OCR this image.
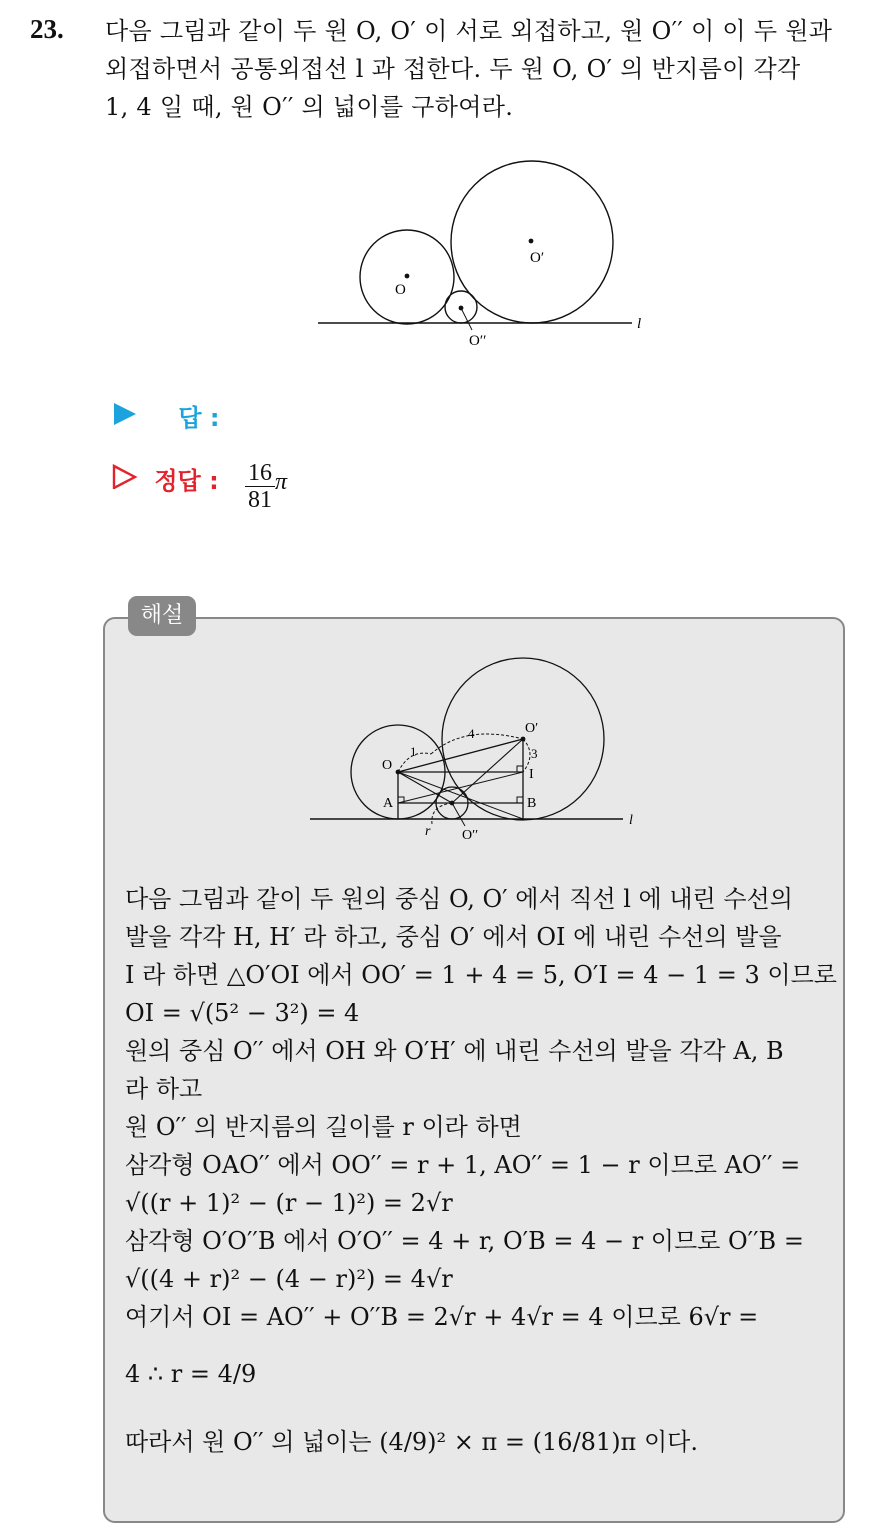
23. 다음 그림과 같이 두 원 O, O′ 이 서로 외접하고, 원 O′′ 이 이 두 원과
외접하면서 공통외접선 l 과 접한다. 두 원 O, O′ 의 반지름이 각각
1, 4 일 때, 원 O′′ 의 넓이를 구하여라.
O
O′
O′′
l
답 :
정답 : $\frac{16}{81}$ π
해설
O
O′
O′′
A	B
I
r
l
1
4
3
다음 그림과 같이 두 원의 중심 O, O′ 에서 직선 l 에 내린 수선의
발을 각각 H, H′ 라 하고, 중심 O′ 에서 OI 에 내린 수선의 발을
I 라 하면 △O′OI 에서 OO′ = 1 + 4 = 5, O′I = 4 − 1 = 3 이므로
OI = √(5² − 3²) = 4
원의 중심 O′′ 에서 OH 와 O′H′ 에 내린 수선의 발을 각각 A, B
라 하고
원 O′′ 의 반지름의 길이를 r 이라 하면
삼각형 OAO′′ 에서 OO′′ = r + 1, AO′′ = 1 − r 이므로 AO′′ =
√((r + 1)² − (r − 1)²) = 2√r
삼각형 O′O′′B 에서 O′O′′ = 4 + r, O′B = 4 − r 이므로 O′′B =
√((4 + r)² − (4 − r)²) = 4√r
여기서 OI = AO′′ + O′′B = 2√r + 4√r = 4 이므로 6√r =
4 ∴ r = 4/9
따라서 원 O′′ 의 넓이는 (4/9)² × π = (16/81)π 이다.
